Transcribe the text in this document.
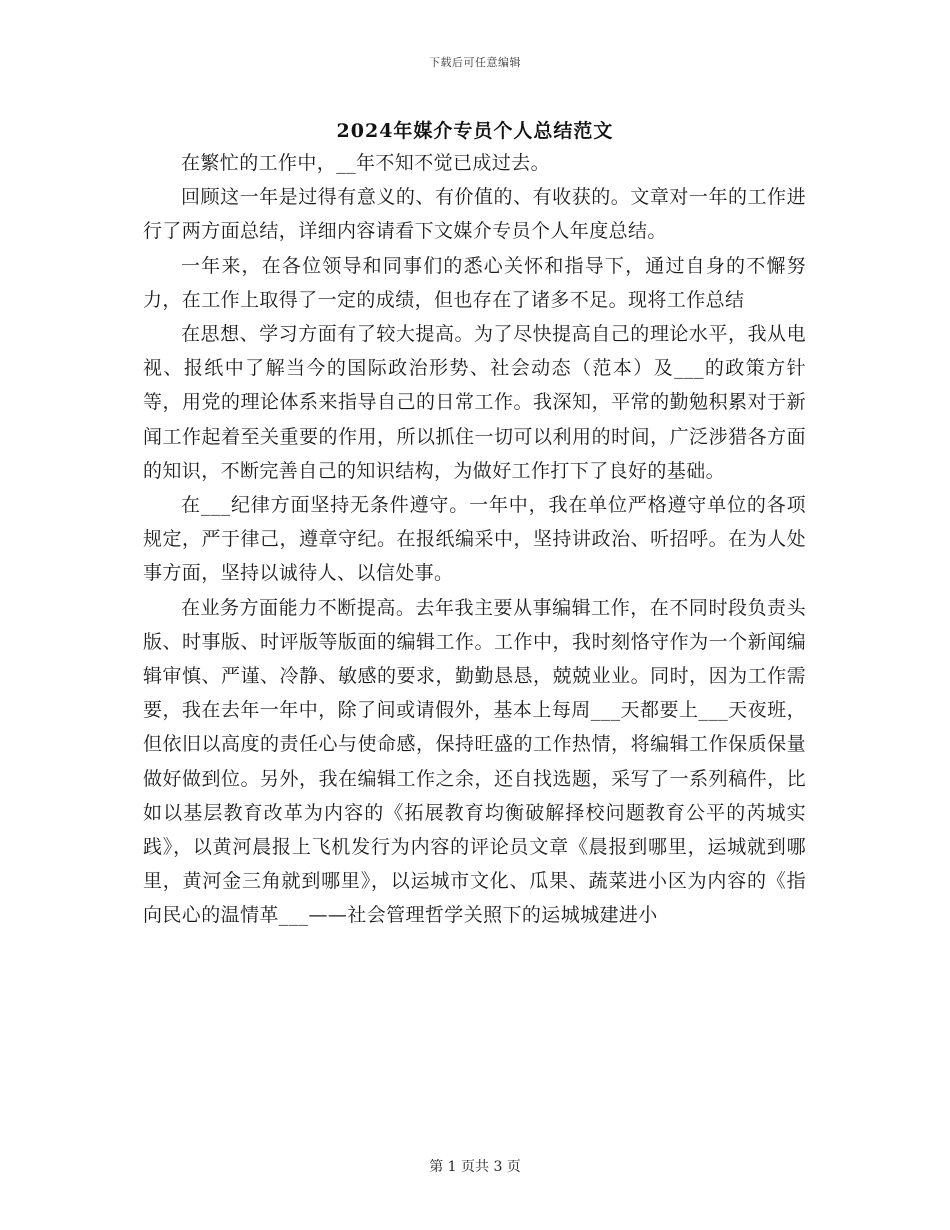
下载后可任意编辑
2024年媒介专员个人总结范文

在繁忙的工作中，__年不知不觉已成过去。

回顾这一年是过得有意义的、有价值的、有收获的。文章对一年的工作进行了两方面总结，详细内容请看下文媒介专员个人年度总结。

一年来，在各位领导和同事们的悉心关怀和指导下，通过自身的不懈努力，在工作上取得了一定的成绩，但也存在了诸多不足。现将工作总结

在思想、学习方面有了较大提高。为了尽快提高自己的理论水平，我从电视、报纸中了解当今的国际政治形势、社会动态（范本）及___的政策方针等，用党的理论体系来指导自己的日常工作。我深知，平常的勤勉积累对于新闻工作起着至关重要的作用，所以抓住一切可以利用的时间，广泛涉猎各方面的知识，不断完善自己的知识结构，为做好工作打下了良好的基础。

在___纪律方面坚持无条件遵守。一年中，我在单位严格遵守单位的各项规定，严于律己，遵章守纪。在报纸编采中，坚持讲政治、听招呼。在为人处事方面，坚持以诚待人、以信处事。

在业务方面能力不断提高。去年我主要从事编辑工作，在不同时段负责头版、时事版、时评版等版面的编辑工作。工作中，我时刻恪守作为一个新闻编辑审慎、严谨、冷静、敏感的要求，勤勤恳恳，兢兢业业。同时，因为工作需要，我在去年一年中，除了间或请假外，基本上每周___天都要上___天夜班，但依旧以高度的责任心与使命感，保持旺盛的工作热情，将编辑工作保质保量做好做到位。另外，我在编辑工作之余，还自找选题，采写了一系列稿件，比如以基层教育改革为内容的《拓展教育均衡破解择校问题教育公平的芮城实践》，以黄河晨报上飞机发行为内容的评论员文章《晨报到哪里，运城就到哪里，黄河金三角就到哪里》，以运城市文化、瓜果、蔬菜进小区为内容的《指向民心的温情革___——社会管理哲学关照下的运城城建进小

第 1 页共 3 页
